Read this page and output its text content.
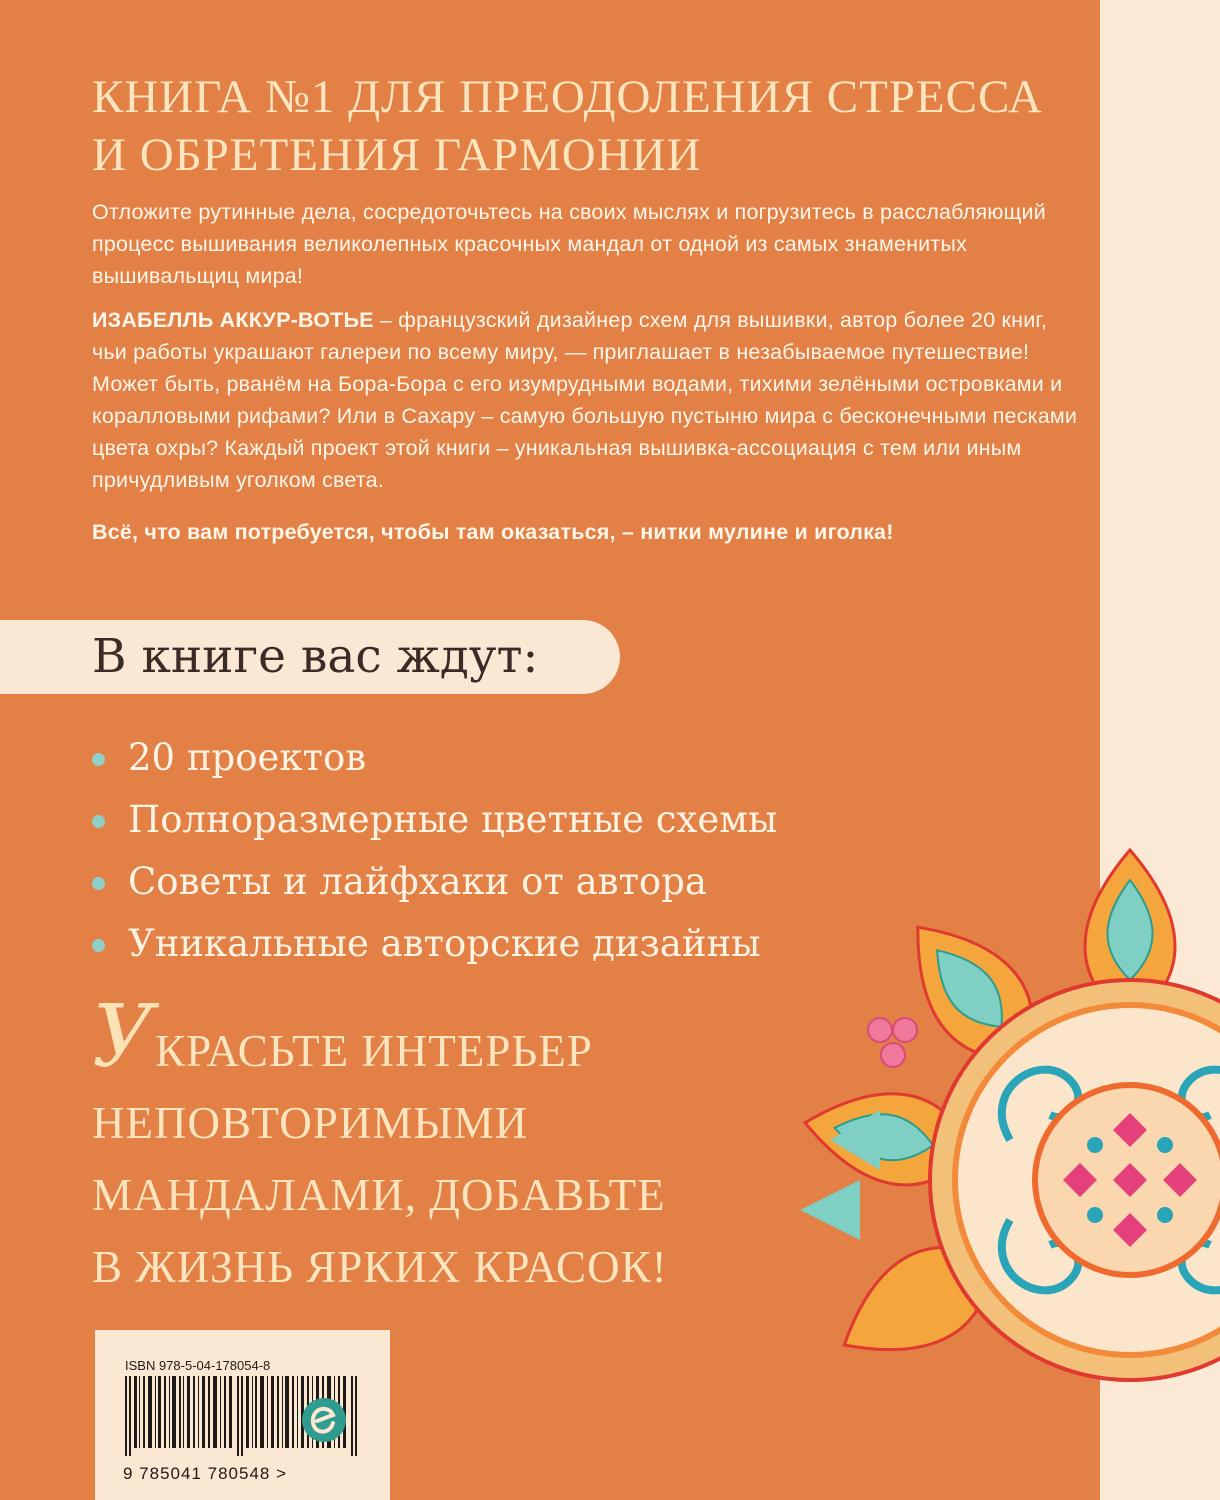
КНИГА №1 ДЛЯ ПРЕОДОЛЕНИЯ СТРЕССА
И ОБРЕТЕНИЯ ГАРМОНИИ

Отложите рутинные дела, сосредоточьтесь на своих мыслях и погрузитесь в расслабляющий процесс вышивания великолепных красочных мандал от одной из самых знаменитых вышивальщиц мира!

ИЗАБЕЛЛЬ АККУР-ВОТЬЕ – французский дизайнер схем для вышивки, автор более 20 книг, чьи работы украшают галереи по всему миру, — приглашает в незабываемое путешествие! Может быть, рванём на Бора-Бора с его изумрудными водами, тихими зелёными островками и коралловыми рифами? Или в Сахару – самую большую пустыню мира с бесконечными песками цвета охры? Каждый проект этой книги – уникальная вышивка-ассоциация с тем или иным причудливым уголком света.

Всё, что вам потребуется, чтобы там оказаться, – нитки мулине и иголка!

В книге вас ждут:
20 проектов
Полноразмерные цветные схемы
Советы и лайфхаки от автора
Уникальные авторские дизайны
УКРАСЬТЕ ИНТЕРЬЕР
НЕПОВТОРИМЫМИ
МАНДАЛАМИ, ДОБАВЬТЕ
В ЖИЗНЬ ЯРКИХ КРАСОК!
ISBN 978-5-04-178054-8
9 785041 780548 >
